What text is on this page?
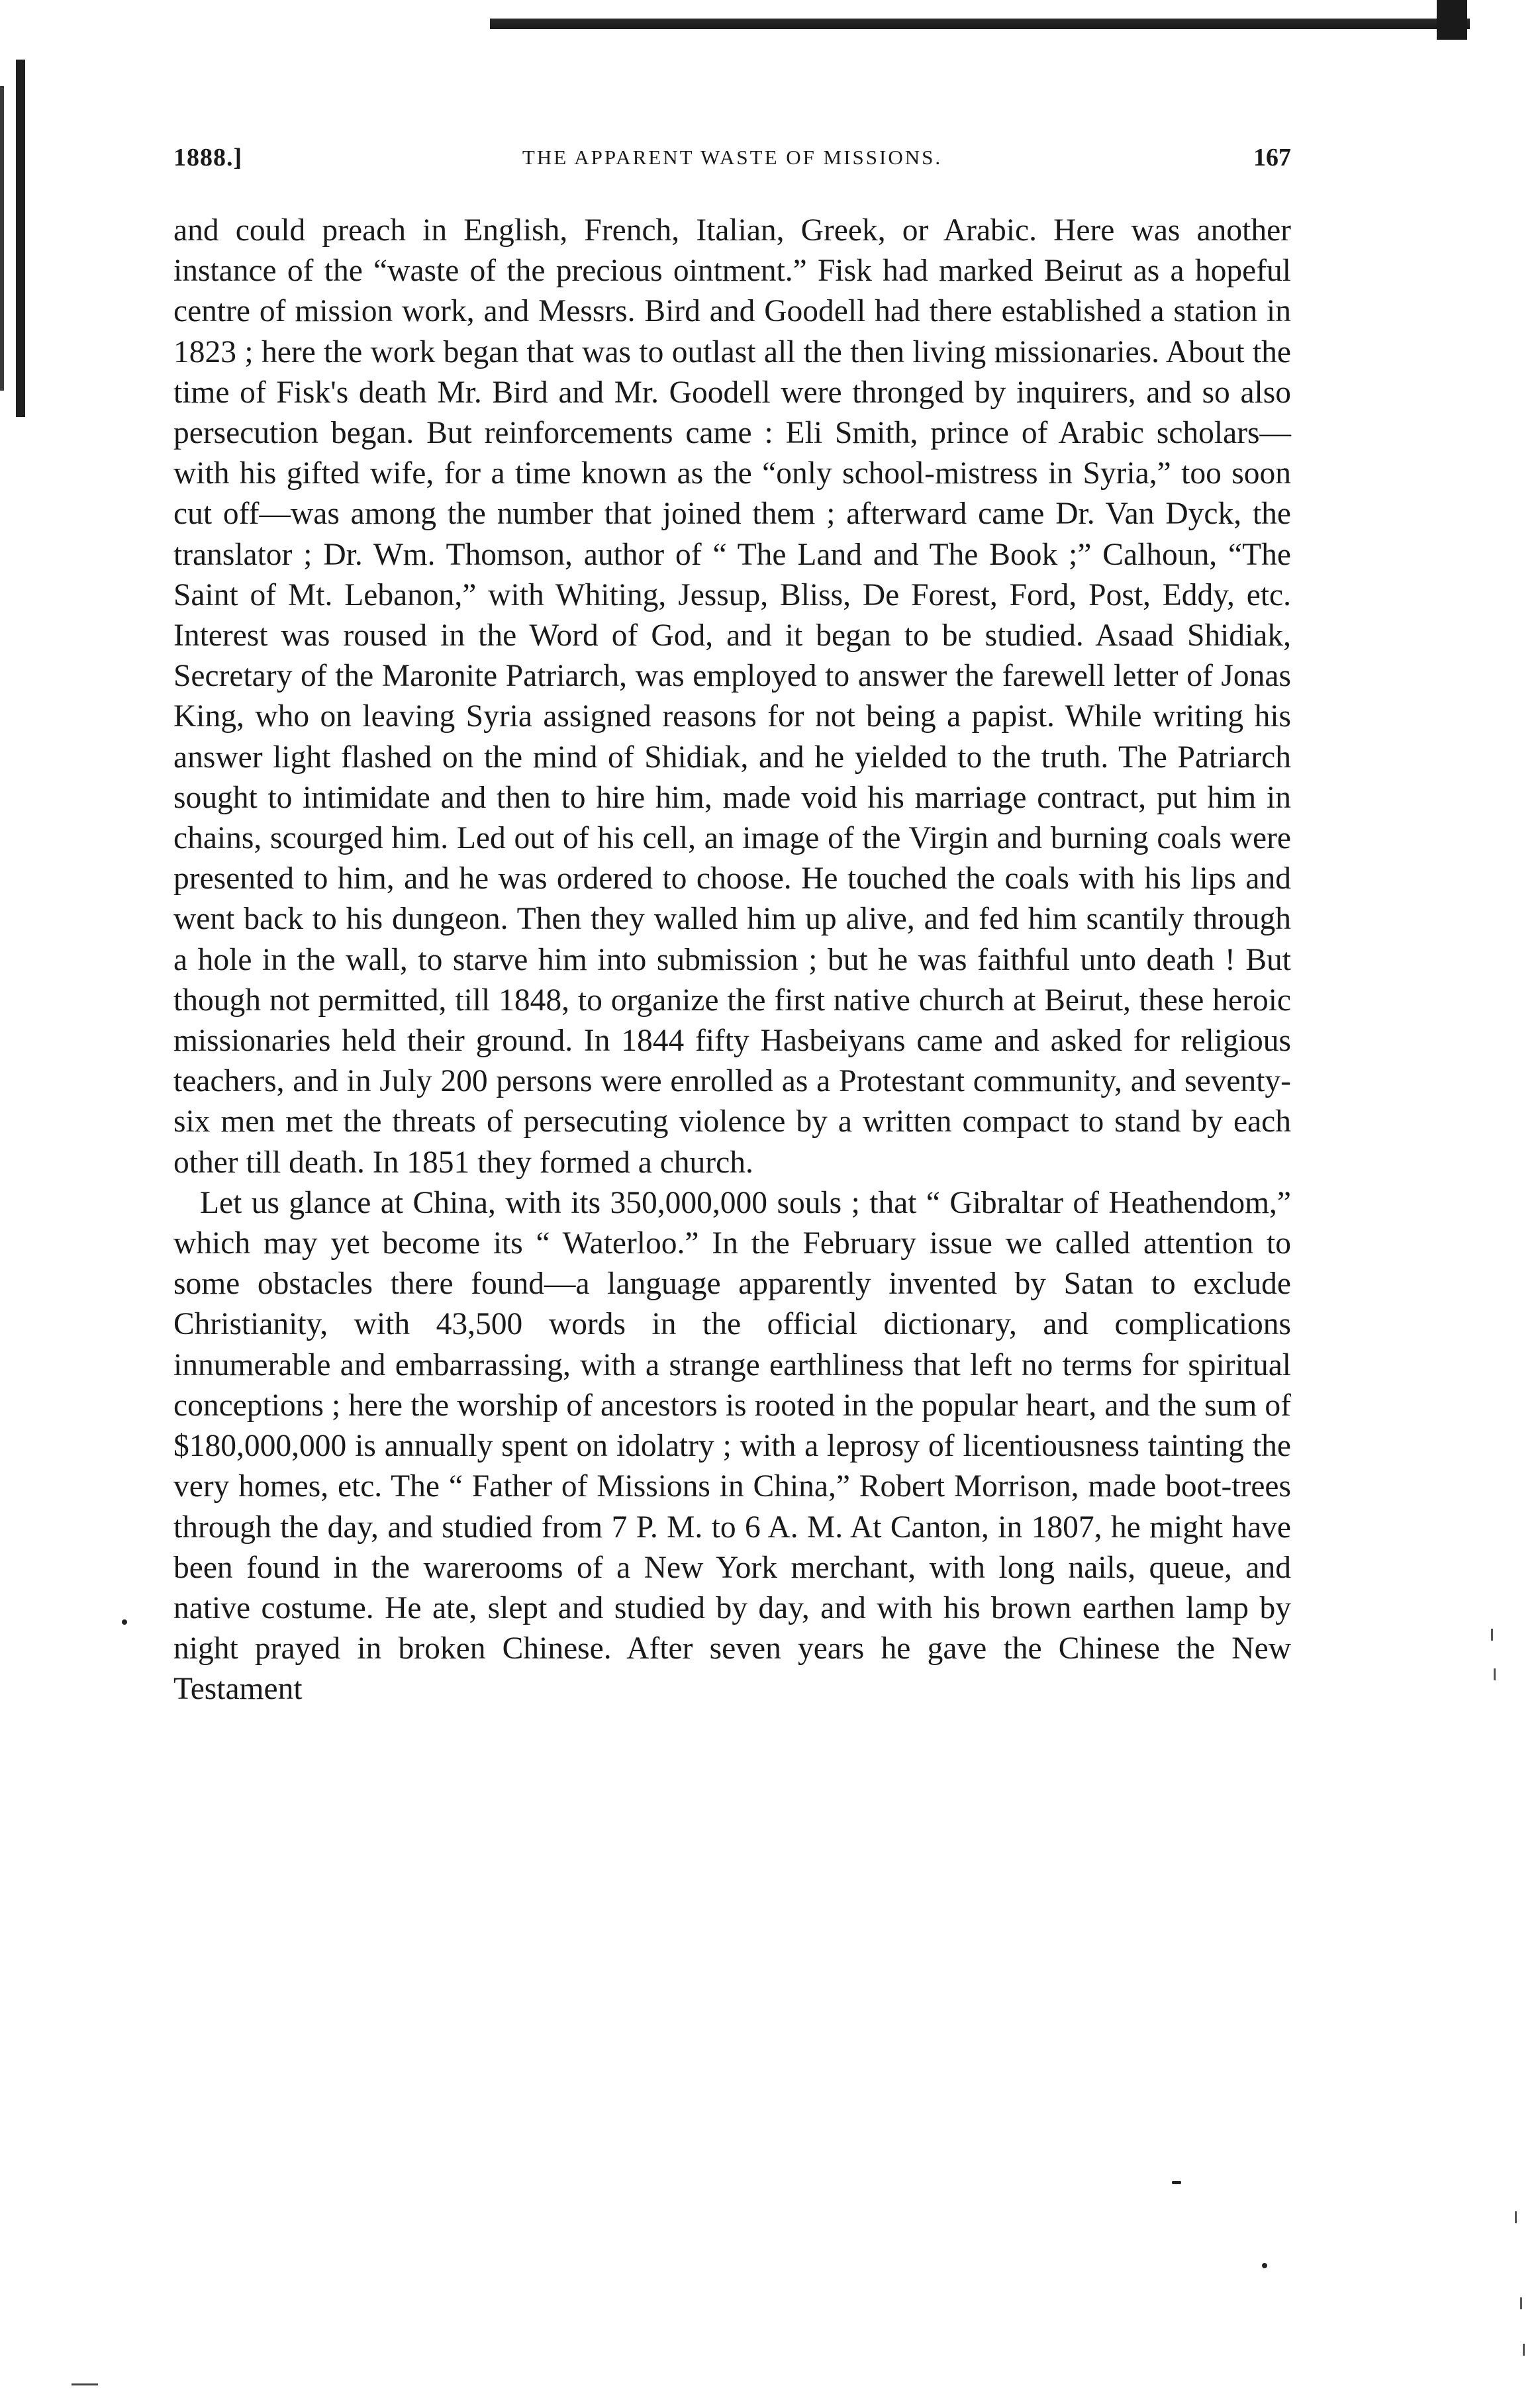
1888.]	THE APPARENT WASTE OF MISSIONS.	167

and could preach in English, French, Italian, Greek, or Arabic. Here was another instance of the “waste of the precious ointment.” Fisk had marked Beirut as a hopeful centre of mission work, and Messrs. Bird and Goodell had there established a station in 1823 ; here the work began that was to outlast all the then living missionaries. About the time of Fisk's death Mr. Bird and Mr. Goodell were thronged by inquirers, and so also persecution began. But reinforcements came : Eli Smith, prince of Arabic scholars—with his gifted wife, for a time known as the “only school-mistress in Syria,” too soon cut off—was among the number that joined them ; afterward came Dr. Van Dyck, the translator ; Dr. Wm. Thomson, author of “ The Land and The Book ;” Calhoun, “The Saint of Mt. Lebanon,” with Whiting, Jessup, Bliss, De Forest, Ford, Post, Eddy, etc. Interest was roused in the Word of God, and it began to be studied. Asaad Shidiak, Secretary of the Maronite Patriarch, was employed to answer the farewell letter of Jonas King, who on leaving Syria assigned reasons for not being a papist. While writing his answer light flashed on the mind of Shidiak, and he yielded to the truth. The Patriarch sought to intimidate and then to hire him, made void his marriage contract, put him in chains, scourged him. Led out of his cell, an image of the Virgin and burning coals were presented to him, and he was ordered to choose. He touched the coals with his lips and went back to his dungeon. Then they walled him up alive, and fed him scantily through a hole in the wall, to starve him into submission ; but he was faithful unto death ! But though not permitted, till 1848, to organize the first native church at Beirut, these heroic missionaries held their ground. In 1844 fifty Hasbeiyans came and asked for religious teachers, and in July 200 persons were enrolled as a Protestant community, and seventy-six men met the threats of persecuting violence by a written compact to stand by each other till death. In 1851 they formed a church.

Let us glance at China, with its 350,000,000 souls ; that “ Gibraltar of Heathendom,” which may yet become its “ Waterloo.” In the February issue we called attention to some obstacles there found—a language apparently invented by Satan to exclude Christianity, with 43,500 words in the official dictionary, and complications innumerable and embarrassing, with a strange earthliness that left no terms for spiritual conceptions ; here the worship of ancestors is rooted in the popular heart, and the sum of $180,000,000 is annually spent on idolatry ; with a leprosy of licentiousness tainting the very homes, etc. The “ Father of Missions in China,” Robert Morrison, made boot-trees through the day, and studied from 7 P. M. to 6 A. M. At Canton, in 1807, he might have been found in the warerooms of a New York merchant, with long nails, queue, and native costume. He ate, slept and studied by day, and with his brown earthen lamp by night prayed in broken Chinese. After seven years he gave the Chinese the New Testament
